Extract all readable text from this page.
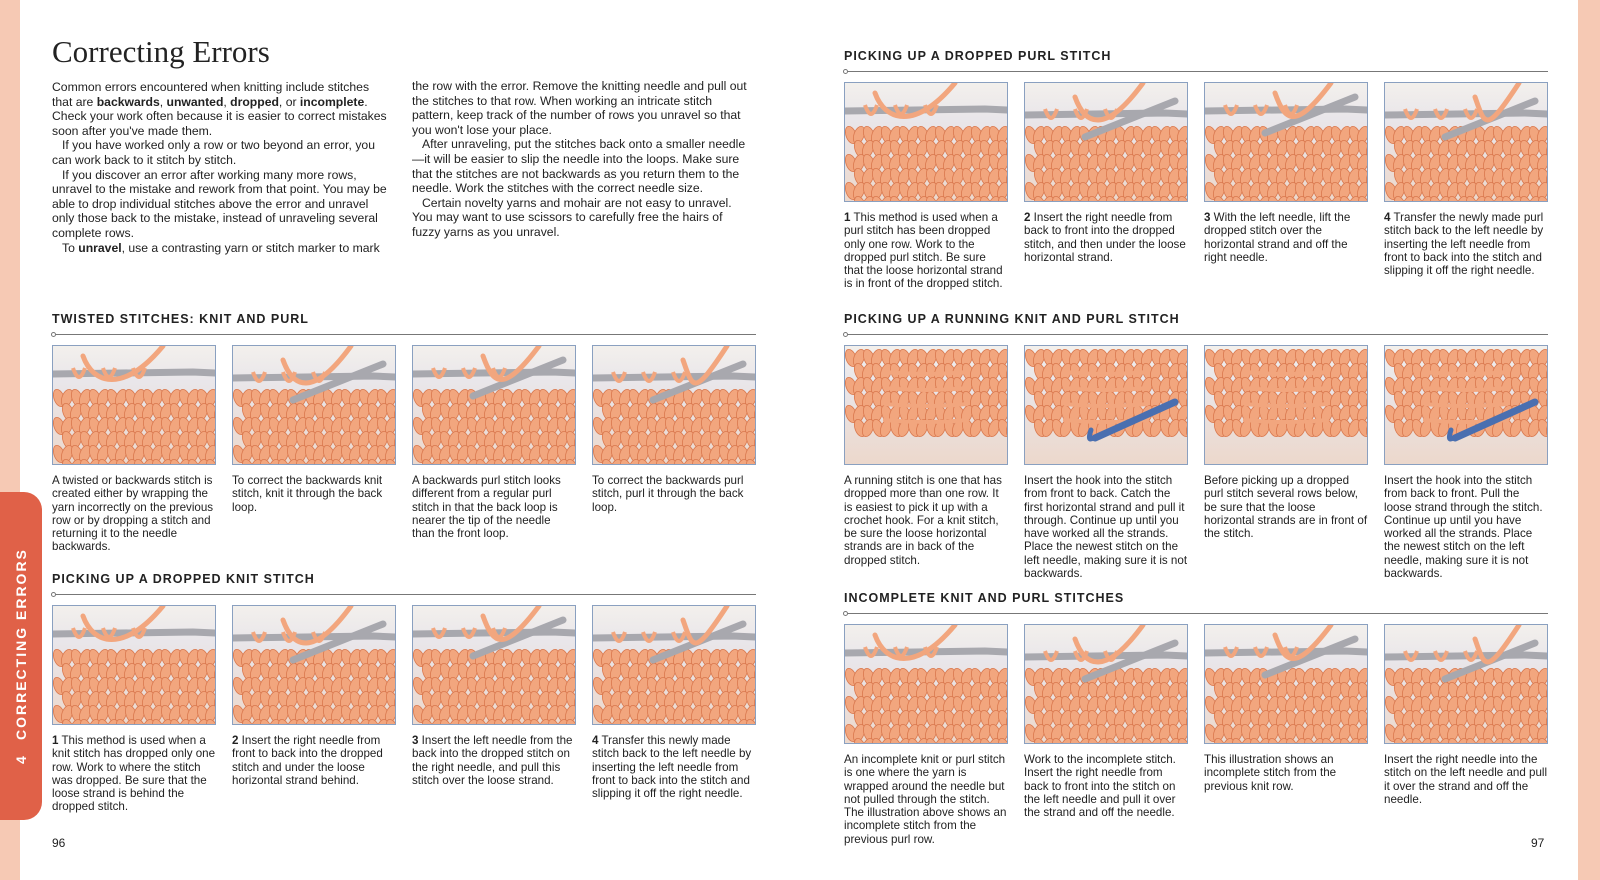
4
CORRECTING ERRORS
Correcting Errors

Common errors encountered when knitting include stitches that are backwards, unwanted, dropped, or incomplete. Check your work often because it is easier to correct mistakes soon after you've made them.

If you have worked only a row or two beyond an error, you can work back to it stitch by stitch.

If you discover an error after working many more rows, unravel to the mistake and rework from that point. You may be able to drop individual stitches above the error and unravel only those back to the mistake, instead of unraveling several complete rows.

To unravel, use a contrasting yarn or stitch marker to mark

the row with the error. Remove the knitting needle and pull out the stitches to that row. When working an intricate stitch pattern, keep track of the number of rows you unravel so that you won't lose your place.

After unraveling, put the stitches back onto a smaller needle—it will be easier to slip the needle into the loops. Make sure that the stitches are not backwards as you return them to the needle. Work the stitches with the correct needle size.

Certain novelty yarns and mohair are not easy to unravel. You may want to use scissors to carefully free the hairs of fuzzy yarns as you unravel.

TWISTED STITCHES: KNIT AND PURL
A twisted or backwards stitch is created either by wrapping the yarn incorrectly on the previous row or by dropping a stitch and returning it to the needle backwards.
To correct the backwards knit stitch, knit it through the back loop.
A backwards purl stitch looks different from a regular purl stitch in that the back loop is nearer the tip of the needle than the front loop.
To correct the backwards purl stitch, purl it through the back loop.
PICKING UP A DROPPED KNIT STITCH
1 This method is used when a knit stitch has dropped only one row. Work to where the stitch was dropped. Be sure that the loose strand is behind the dropped stitch.
2 Insert the right needle from front to back into the dropped stitch and under the loose horizontal strand behind.
3 Insert the left needle from the back into the dropped stitch on the right needle, and pull this stitch over the loose strand.
4 Transfer this newly made stitch back to the left needle by inserting the left needle from front to back into the stitch and slipping it off the right needle.
PICKING UP A DROPPED PURL STITCH
1 This method is used when a purl stitch has been dropped only one row. Work to the dropped purl stitch. Be sure that the loose horizontal strand is in front of the dropped stitch.
2 Insert the right needle from back to front into the dropped stitch, and then under the loose horizontal strand.
3 With the left needle, lift the dropped stitch over the horizontal strand and off the right needle.
4 Transfer the newly made purl stitch back to the left needle by inserting the left needle from front to back into the stitch and slipping it off the right needle.
PICKING UP A RUNNING KNIT AND PURL STITCH
A running stitch is one that has dropped more than one row. It is easiest to pick it up with a crochet hook. For a knit stitch, be sure the loose horizontal strands are in back of the dropped stitch.
Insert the hook into the stitch from front to back. Catch the first horizontal strand and pull it through. Continue up until you have worked all the strands. Place the newest stitch on the left needle, making sure it is not backwards.
Before picking up a dropped purl stitch several rows below, be sure that the loose horizontal strands are in front of the stitch.
Insert the hook into the stitch from back to front. Pull the loose strand through the stitch. Continue up until you have worked all the strands. Place the newest stitch on the left needle, making sure it is not backwards.
INCOMPLETE KNIT AND PURL STITCHES
An incomplete knit or purl stitch is one where the yarn is wrapped around the needle but not pulled through the stitch. The illustration above shows an incomplete stitch from the previous purl row.
Work to the incomplete stitch. Insert the right needle from back to front into the stitch on the left needle and pull it over the strand and off the needle.
This illustration shows an incomplete stitch from the previous knit row.
Insert the right needle into the stitch on the left needle and pull it over the strand and off the needle.
96	97
